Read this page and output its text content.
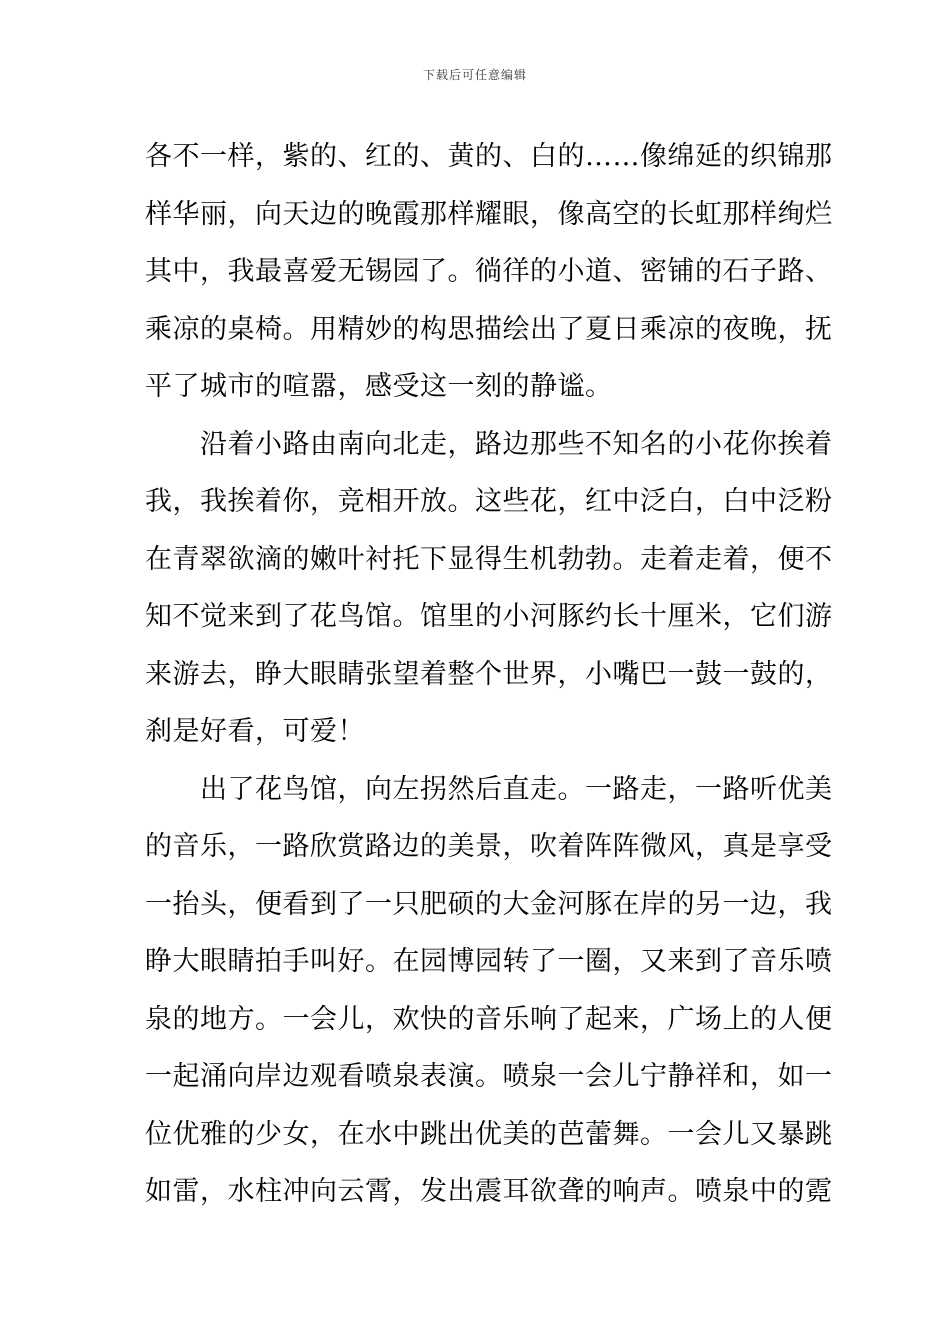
下载后可任意编辑
各不一样，紫的、红的、黄的、白的……像绵延的织锦那
样华丽，向天边的晚霞那样耀眼，像高空的长虹那样绚烂
其中，我最喜爱无锡园了。徜徉的小道、密铺的石子路、
乘凉的桌椅。用精妙的构思描绘出了夏日乘凉的夜晚，抚
平了城市的喧嚣，感受这一刻的静谧。
　　沿着小路由南向北走，路边那些不知名的小花你挨着
我，我挨着你，竞相开放。这些花，红中泛白，白中泛粉
在青翠欲滴的嫩叶衬托下显得生机勃勃。走着走着，便不
知不觉来到了花鸟馆。馆里的小河豚约长十厘米，它们游
来游去，睁大眼睛张望着整个世界，小嘴巴一鼓一鼓的，
刹是好看，可爱！
　　出了花鸟馆，向左拐然后直走。一路走，一路听优美
的音乐，一路欣赏路边的美景，吹着阵阵微风，真是享受
一抬头，便看到了一只肥硕的大金河豚在岸的另一边，我
睁大眼睛拍手叫好。在园博园转了一圈，又来到了音乐喷
泉的地方。一会儿，欢快的音乐响了起来，广场上的人便
一起涌向岸边观看喷泉表演。喷泉一会儿宁静祥和，如一
位优雅的少女，在水中跳出优美的芭蕾舞。一会儿又暴跳
如雷，水柱冲向云霄，发出震耳欲聋的响声。喷泉中的霓
